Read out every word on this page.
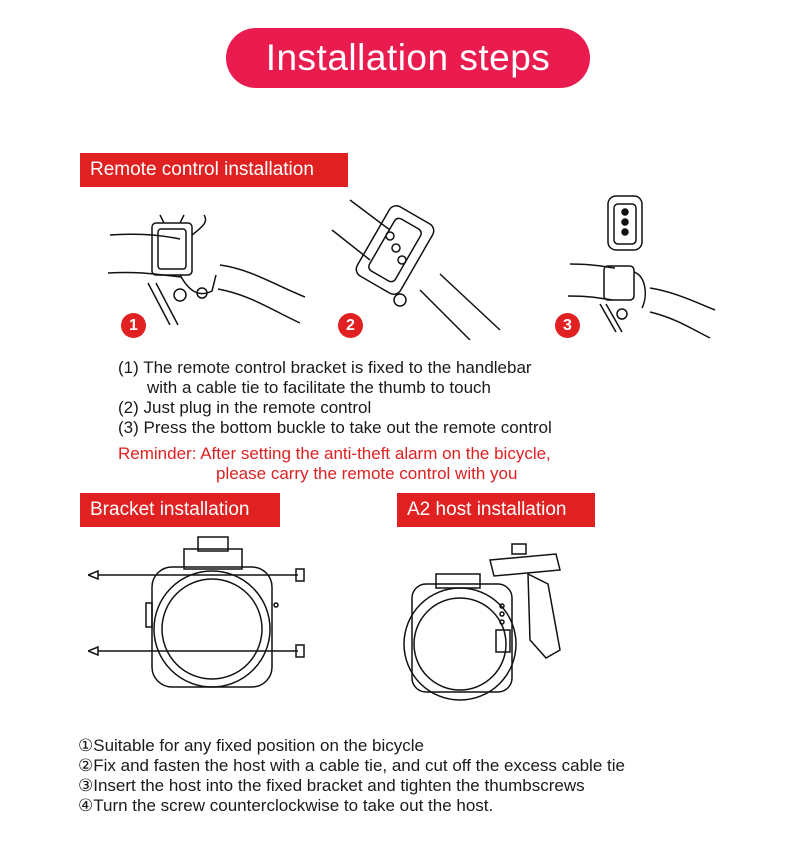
Installation steps
Remote control installation
1	2	3
(1) The remote control bracket is fixed to the handlebar
with a cable tie to facilitate the thumb to touch
(2) Just plug in the remote control
(3) Press the bottom buckle to take out the remote control
Reminder: After setting the anti-theft alarm on the bicycle,
please carry the remote control with you
Bracket installation	A2 host installation
①Suitable for any fixed position on the bicycle
②Fix and fasten the host with a cable tie, and cut off the excess cable tie
③Insert the host into the fixed bracket and tighten the thumbscrews
④Turn the screw counterclockwise to take out the host.
